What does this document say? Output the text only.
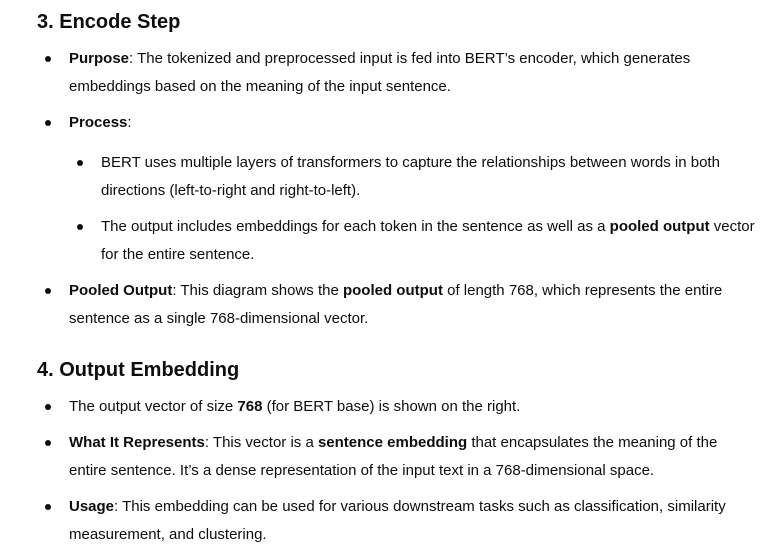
3. Encode Step
Purpose: The tokenized and preprocessed input is fed into BERT’s encoder, which generates embeddings based on the meaning of the input sentence.
Process:
BERT uses multiple layers of transformers to capture the relationships between words in both directions (left-to-right and right-to-left).
The output includes embeddings for each token in the sentence as well as a pooled output vector for the entire sentence.
Pooled Output: This diagram shows the pooled output of length 768, which represents the entire sentence as a single 768-dimensional vector.
4. Output Embedding
The output vector of size 768 (for BERT base) is shown on the right.
What It Represents: This vector is a sentence embedding that encapsulates the meaning of the entire sentence. It’s a dense representation of the input text in a 768-dimensional space.
Usage: This embedding can be used for various downstream tasks such as classification, similarity measurement, and clustering.
